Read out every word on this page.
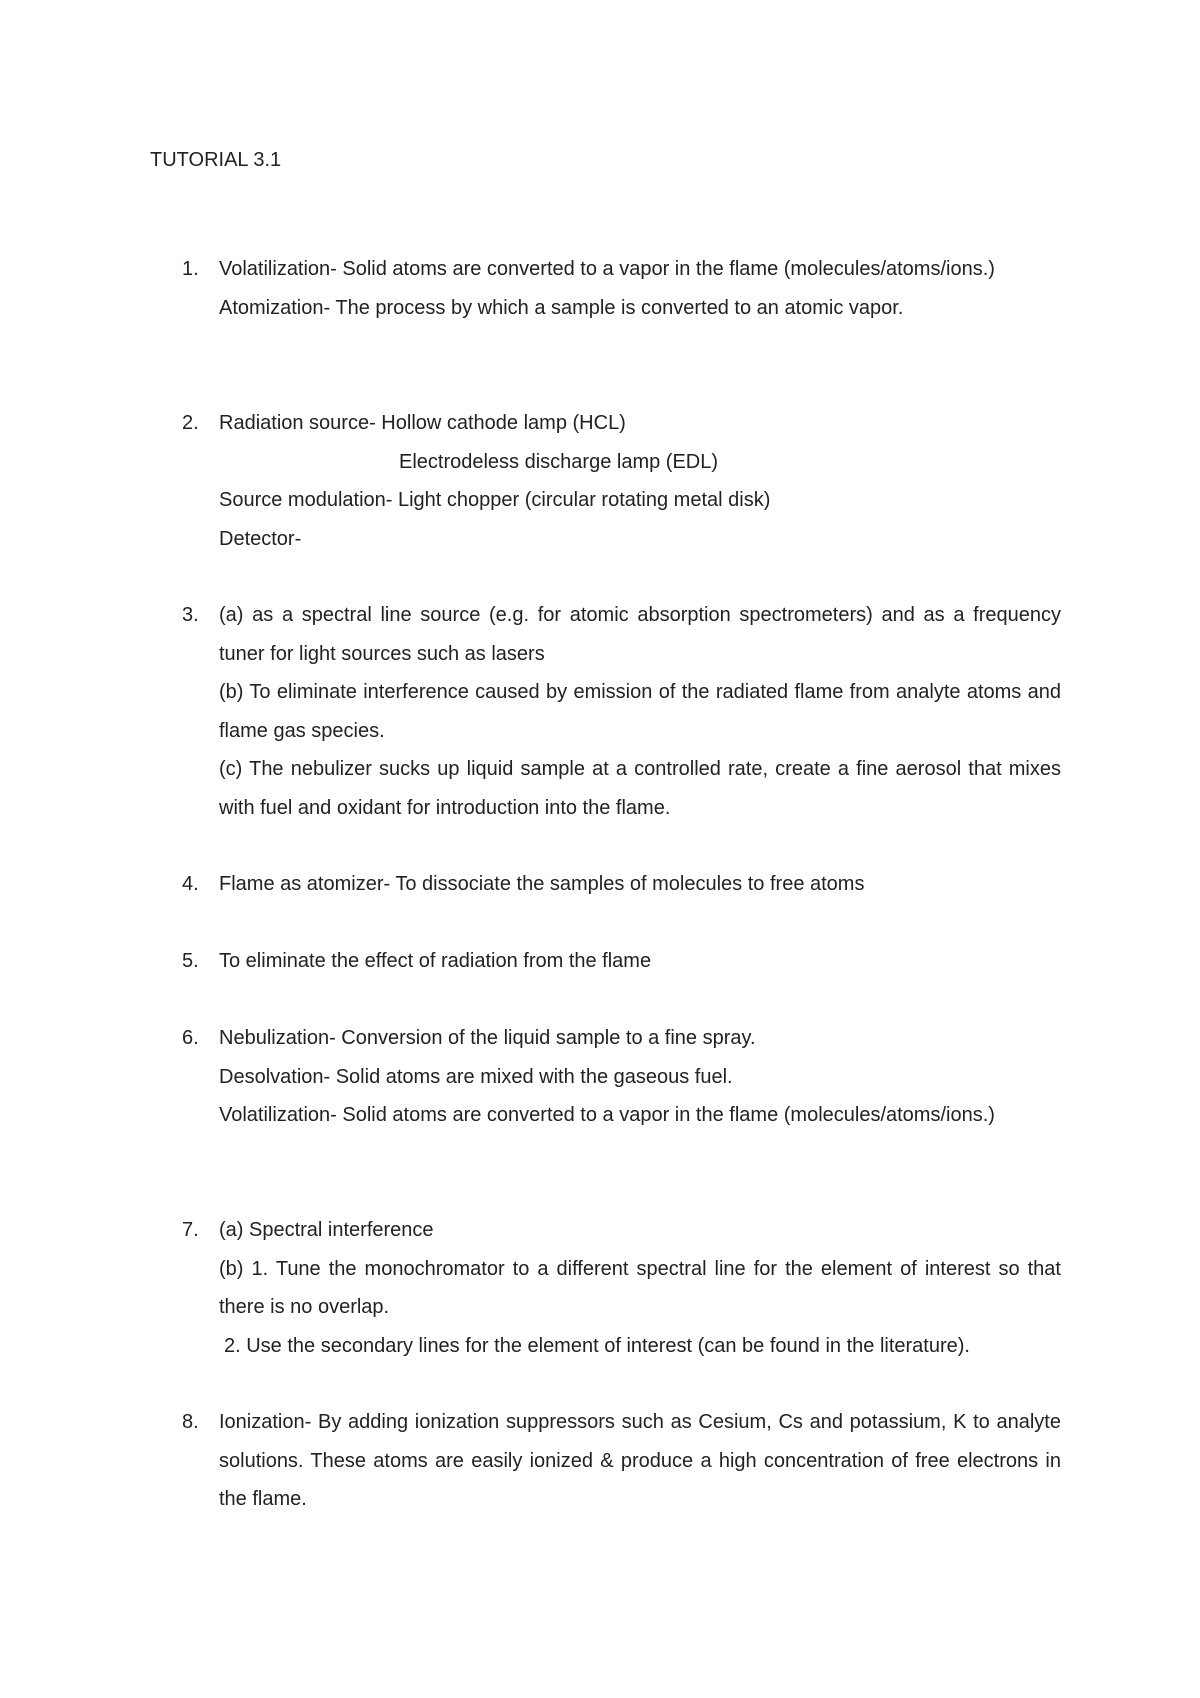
TUTORIAL 3.1
1. Volatilization- Solid atoms are converted to a vapor in the flame (molecules/atoms/ions.)
Atomization- The process by which a sample is converted to an atomic vapor.
2. Radiation source- Hollow cathode lamp (HCL)
Electrodeless discharge lamp (EDL)
Source modulation- Light chopper (circular rotating metal disk)
Detector-
3. (a) as a spectral line source (e.g. for atomic absorption spectrometers) and as a frequency tuner for light sources such as lasers
(b) To eliminate interference caused by emission of the radiated flame from analyte atoms and flame gas species.
(c) The nebulizer sucks up liquid sample at a controlled rate, create a fine aerosol that mixes with fuel and oxidant for introduction into the flame.
4. Flame as atomizer- To dissociate the samples of molecules to free atoms
5. To eliminate the effect of radiation from the flame
6. Nebulization- Conversion of the liquid sample to a fine spray.
Desolvation- Solid atoms are mixed with the gaseous fuel.
Volatilization- Solid atoms are converted to a vapor in the flame (molecules/atoms/ions.)
7. (a) Spectral interference
(b) 1. Tune the monochromator to a different spectral line for the element of interest so that   there is no overlap.
2. Use the secondary lines for the element of interest (can be found in the literature).
8. Ionization- By adding ionization suppressors such as Cesium, Cs and potassium, K to analyte solutions. These atoms are easily ionized & produce a high concentration of free electrons in the flame.
